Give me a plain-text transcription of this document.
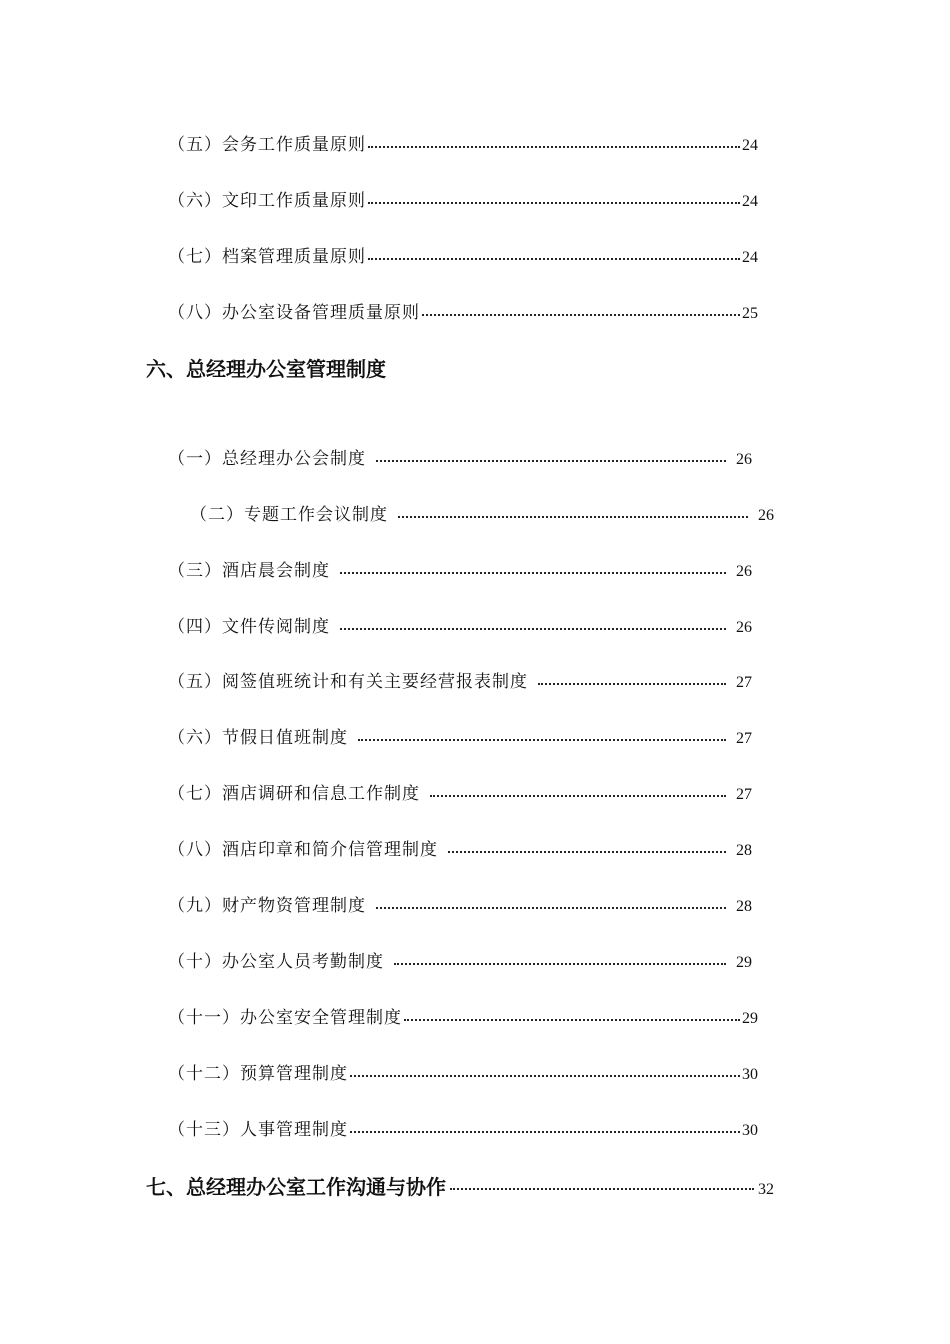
（五）会务工作质量原则	24
（六）文印工作质量原则	24
（七）档案管理质量原则	24
（八）办公室设备管理质量原则	25
六、总经理办公室管理制度
（一）总经理办公会制度	26
（二）专题工作会议制度	26
（三）酒店晨会制度	26
（四）文件传阅制度	26
（五）阅签值班统计和有关主要经营报表制度	27
（六）节假日值班制度	27
（七）酒店调研和信息工作制度	27
（八）酒店印章和简介信管理制度	28
（九）财产物资管理制度	28
（十）办公室人员考勤制度	29
（十一）办公室安全管理制度	29
（十二）预算管理制度	30
（十三）人事管理制度	30
七、总经理办公室工作沟通与协作	32
